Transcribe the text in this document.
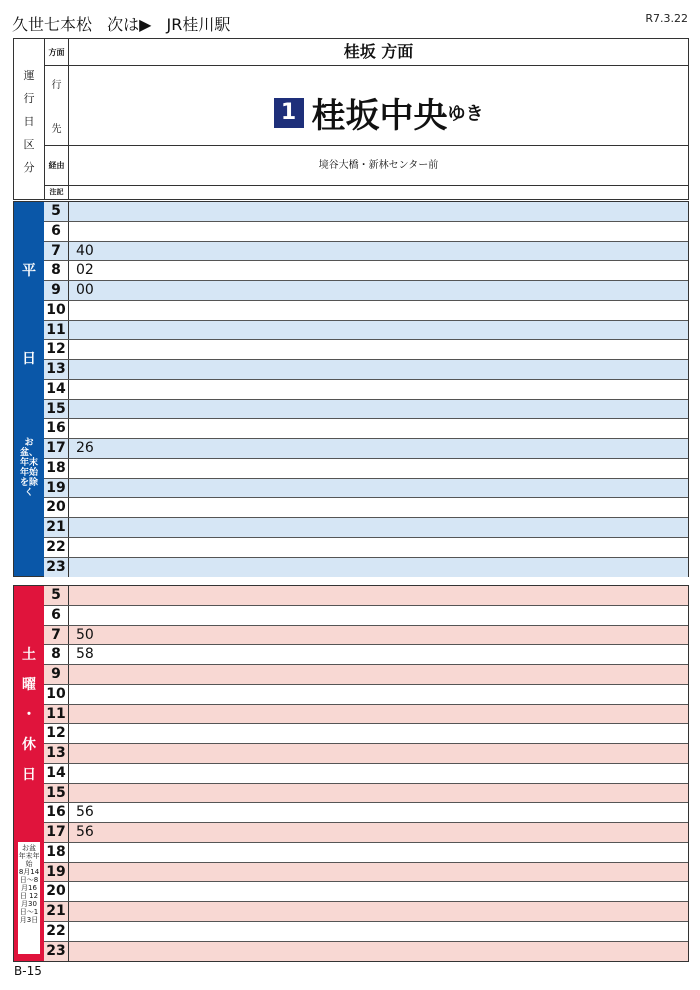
久世七本松 次は▶ JR桂川駅	R7.3.22
運
行
日
区
分
方面	桂坂 方面
行
先
1 桂坂中央ゆき
経由	境谷大橋・新林センター前
注記
平
日
お盆、年末年始を除く
5
6
7	40
8	02
9	00
10
11
12
13
14
15
16
17 26
18
19
20
21
22
23
土
曜
・
休
日
お盆 年末年始
8月14日〜8月16日 12月30日〜1月3日
5
6
7	50
8	58
9
10
11
12
13
14
15
16 56
17 56
18
19
20
21
22
23
B-15
